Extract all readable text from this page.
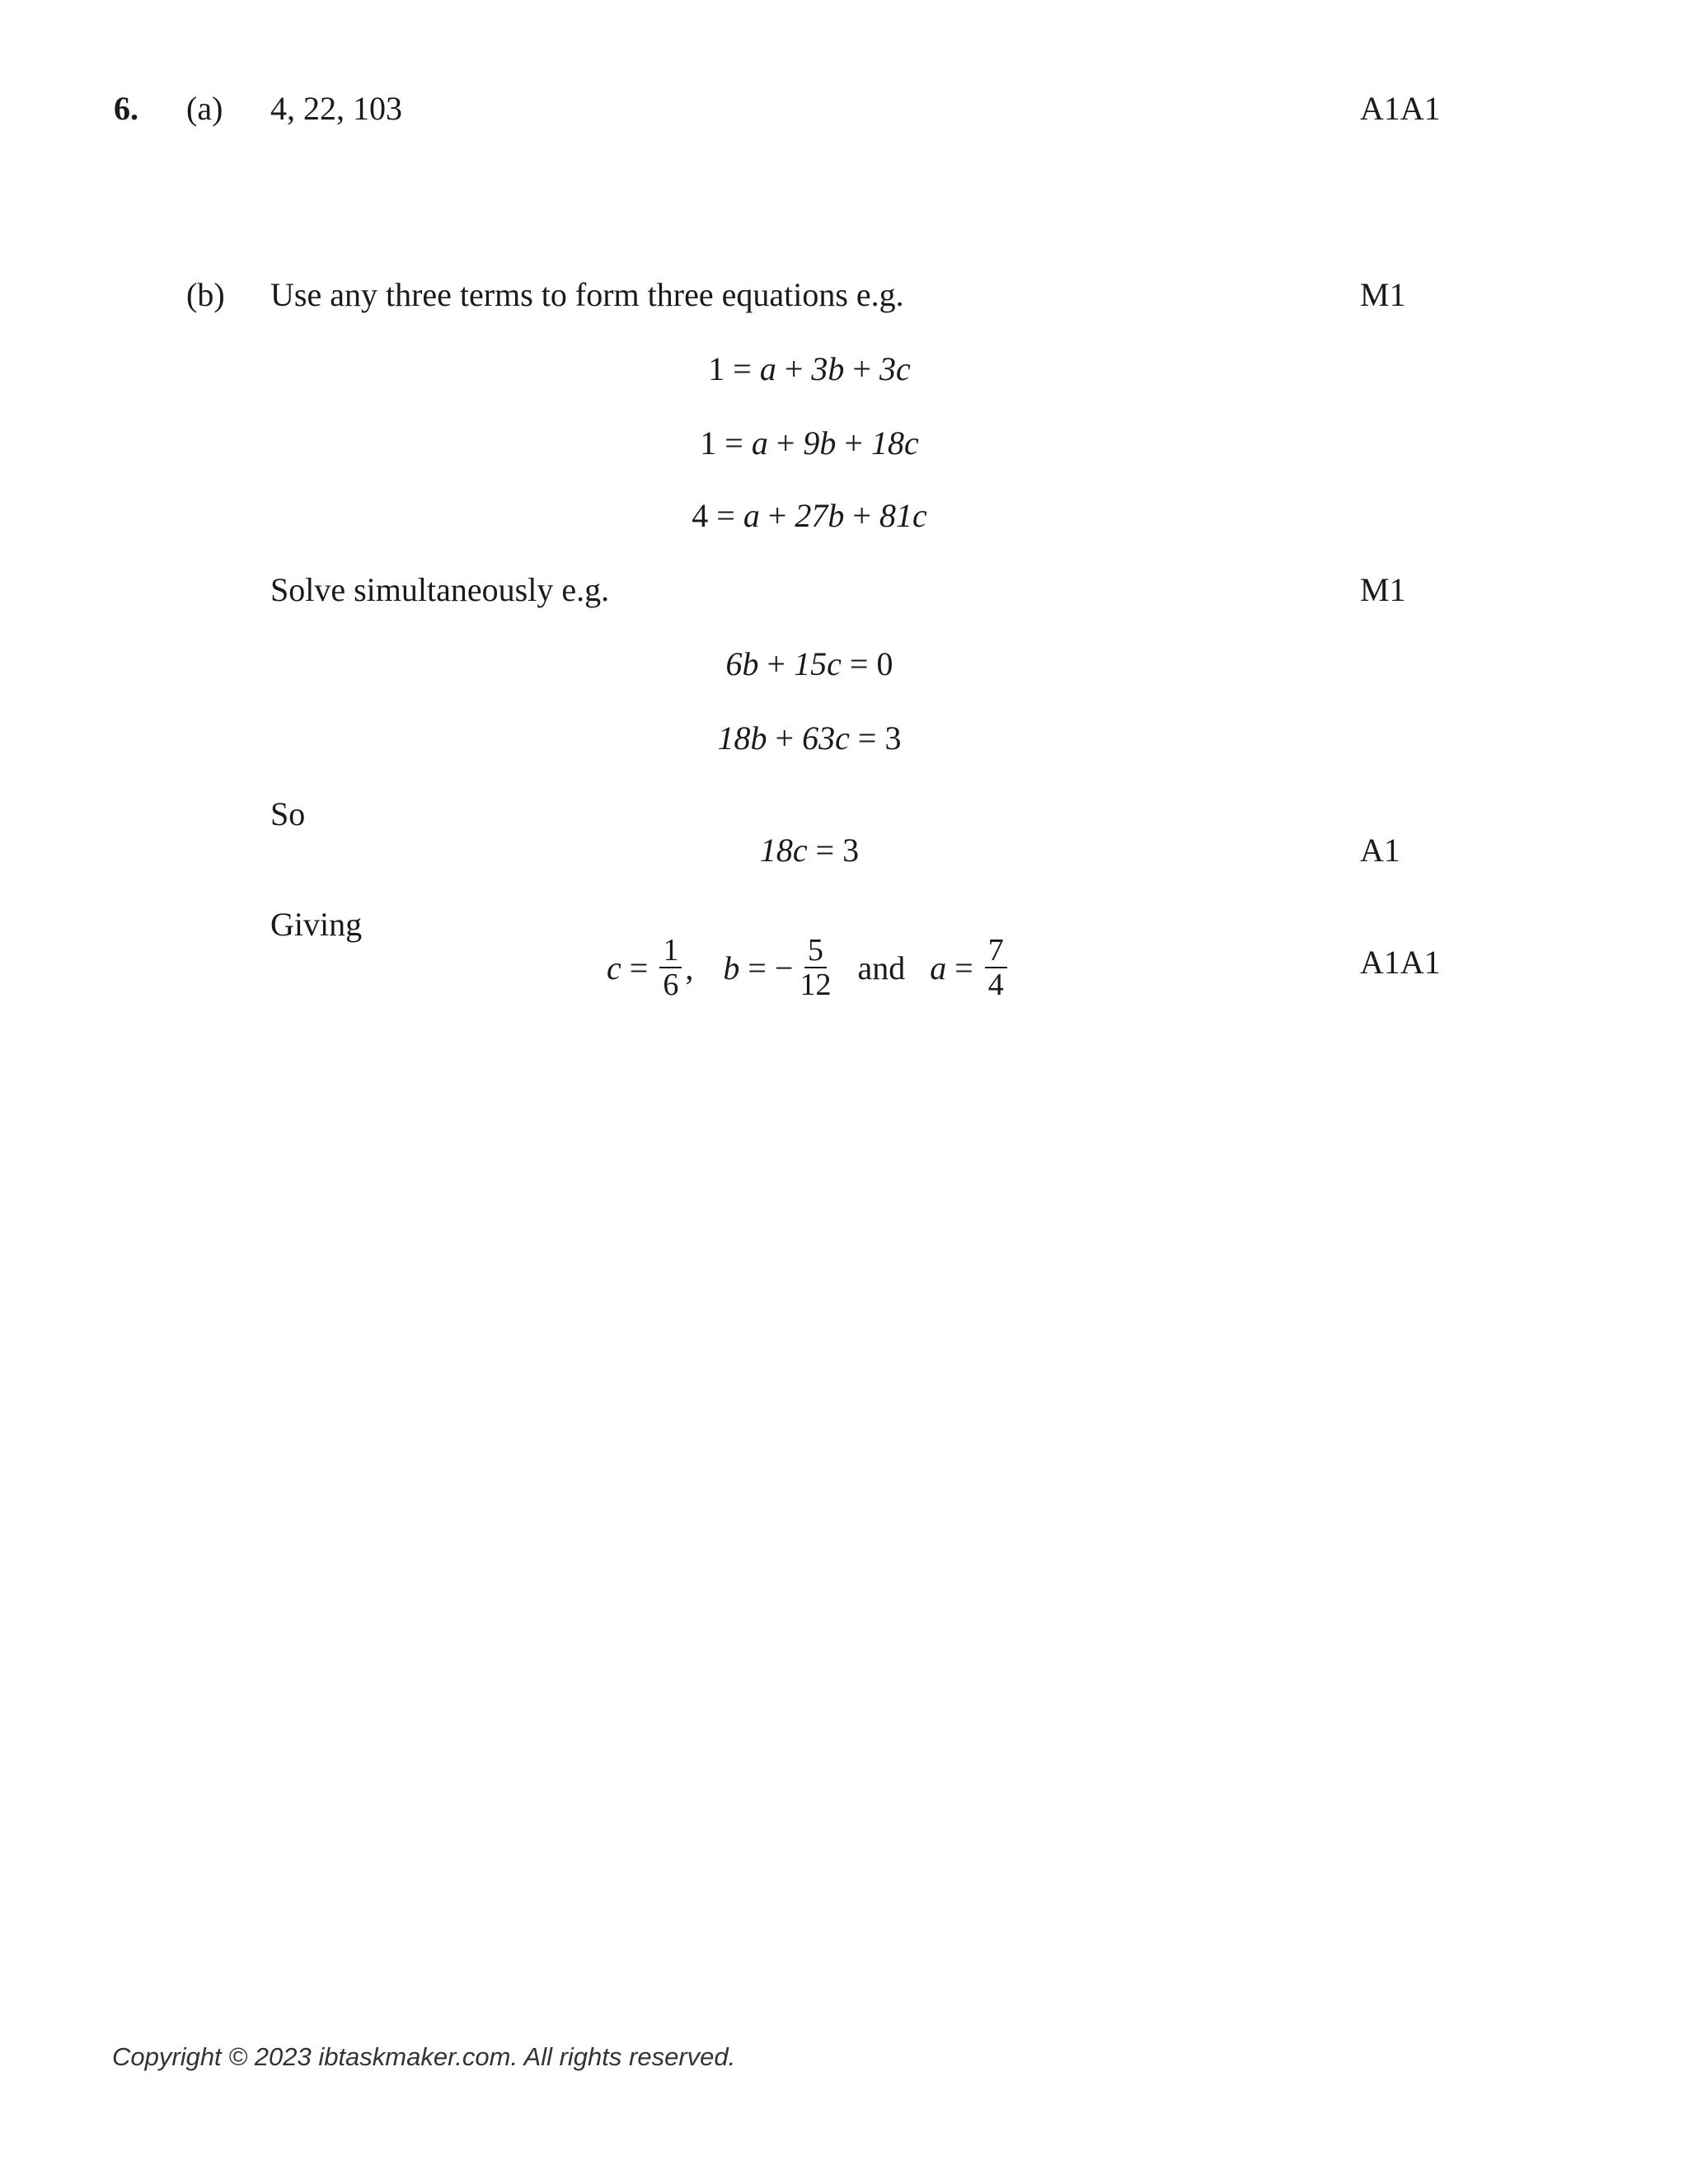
6. (a) 4, 22, 103	A1A1
(b) Use any three terms to form three equations e.g.	M1
1 = a + 3b + 3c
1 = a + 9b + 18c
4 = a + 27b + 81c
Solve simultaneously e.g.	M1
6b + 15c = 0
18b + 63c = 3
So
18c = 3	A1
Giving
$c = \frac{1}{6}$ , b = − $\frac{5}{12}$ and $a = \frac{7}{4}$	A1A1
Copyright © 2023 ibtaskmaker.com. All rights reserved.
